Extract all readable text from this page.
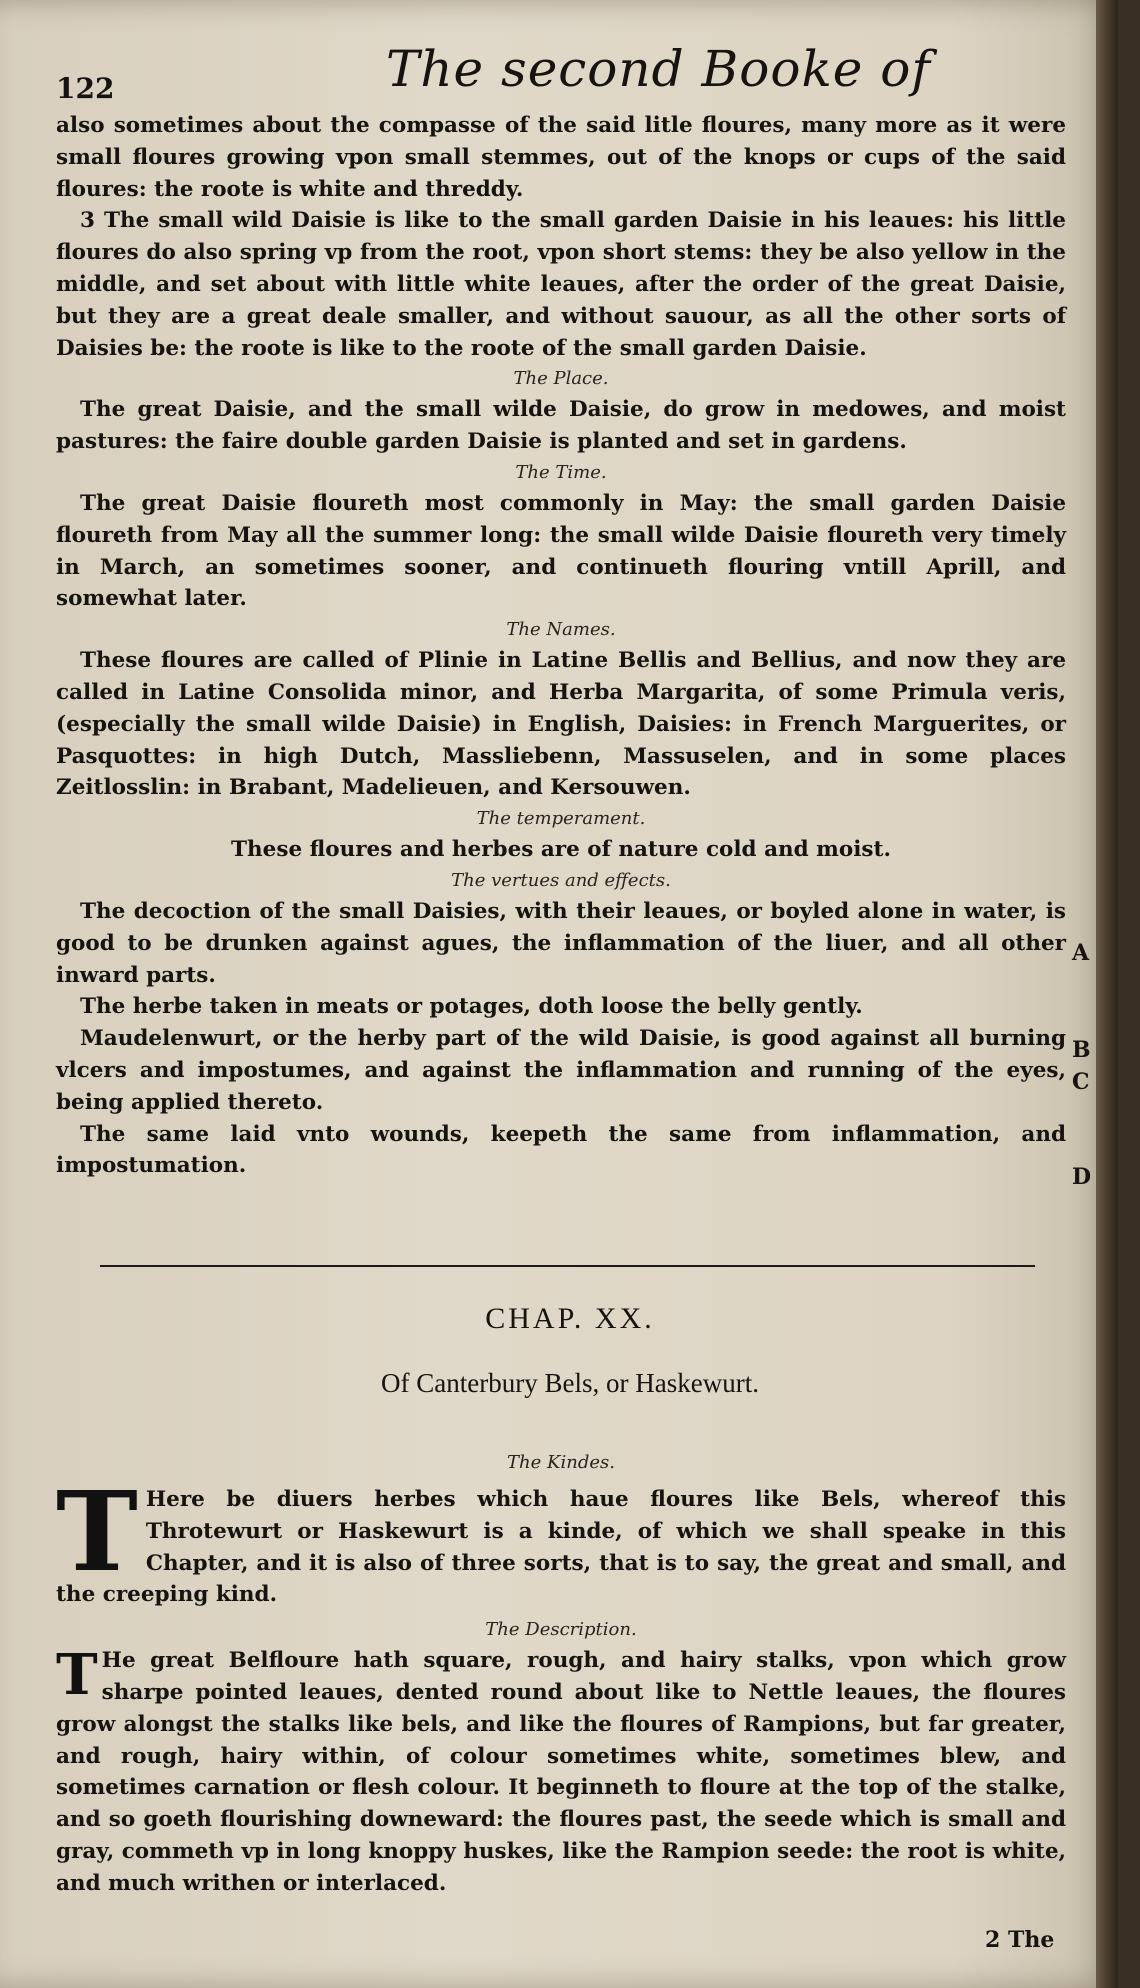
122	The second Booke of

also sometimes about the compasse of the said litle floures, many more as it were small floures growing vpon small stemmes, out of the knops or cups of the said floures: the roote is white and threddy.

3 The small wild Daisie is like to the small garden Daisie in his leaues: his little floures do also spring vp from the root, vpon short stems: they be also yellow in the middle, and set about with little white leaues, after the order of the great Daisie, but they are a great deale smaller, and without sauour, as all the other sorts of Daisies be: the roote is like to the roote of the small garden Daisie.

The Place.

The great Daisie, and the small wilde Daisie, do grow in medowes, and moist pastures: the faire double garden Daisie is planted and set in gardens.

The Time.

The great Daisie floureth most commonly in May: the small garden Daisie floureth from May all the summer long: the small wilde Daisie floureth very timely in March, an sometimes sooner, and continueth flouring vntill Aprill, and somewhat later.

The Names.

These floures are called of Plinie in Latine Bellis and Bellius, and now they are called in Latine Consolida minor, and Herba Margarita, of some Primula veris, (especially the small wilde Daisie) in English, Daisies: in French Marguerites, or Pasquottes: in high Dutch, Massliebenn, Massuselen, and in some places Zeitlosslin: in Brabant, Madelieuen, and Kersouwen.

The temperament.

These floures and herbes are of nature cold and moist.

The vertues and effects.

The decoction of the small Daisies, with their leaues, or boyled alone in water, is good to be drunken against agues, the inflammation of the liuer, and all other inward parts.

The herbe taken in meats or potages, doth loose the belly gently.

Maudelenwurt, or the herby part of the wild Daisie, is good against all burning vlcers and impostumes, and against the inflammation and running of the eyes, being applied thereto.

The same laid vnto wounds, keepeth the same from inflammation, and impostumation.

A
B
C
D
CHAP. XX.
Of Canterbury Bels, or Haskewurt.
The Kindes.
T Here be diuers herbes which haue floures like Bels, whereof this Throtewurt or Haskewurt is a kinde, of which we shall speake in this Chapter, and it is also of three sorts, that is to say, the great and small, and the creeping kind.

The Description.
T He great Belfloure hath square, rough, and hairy stalks, vpon which grow sharpe pointed leaues, dented round about like to Nettle leaues, the floures grow alongst the stalks like bels, and like the floures of Rampions, but far greater, and rough, hairy within, of colour sometimes white, sometimes blew, and sometimes carnation or flesh colour. It beginneth to floure at the top of the stalke, and so goeth flourishing downeward: the floures past, the seede which is small and gray, commeth vp in long knoppy huskes, like the Rampion seede: the root is white, and much writhen or interlaced.

2 The
